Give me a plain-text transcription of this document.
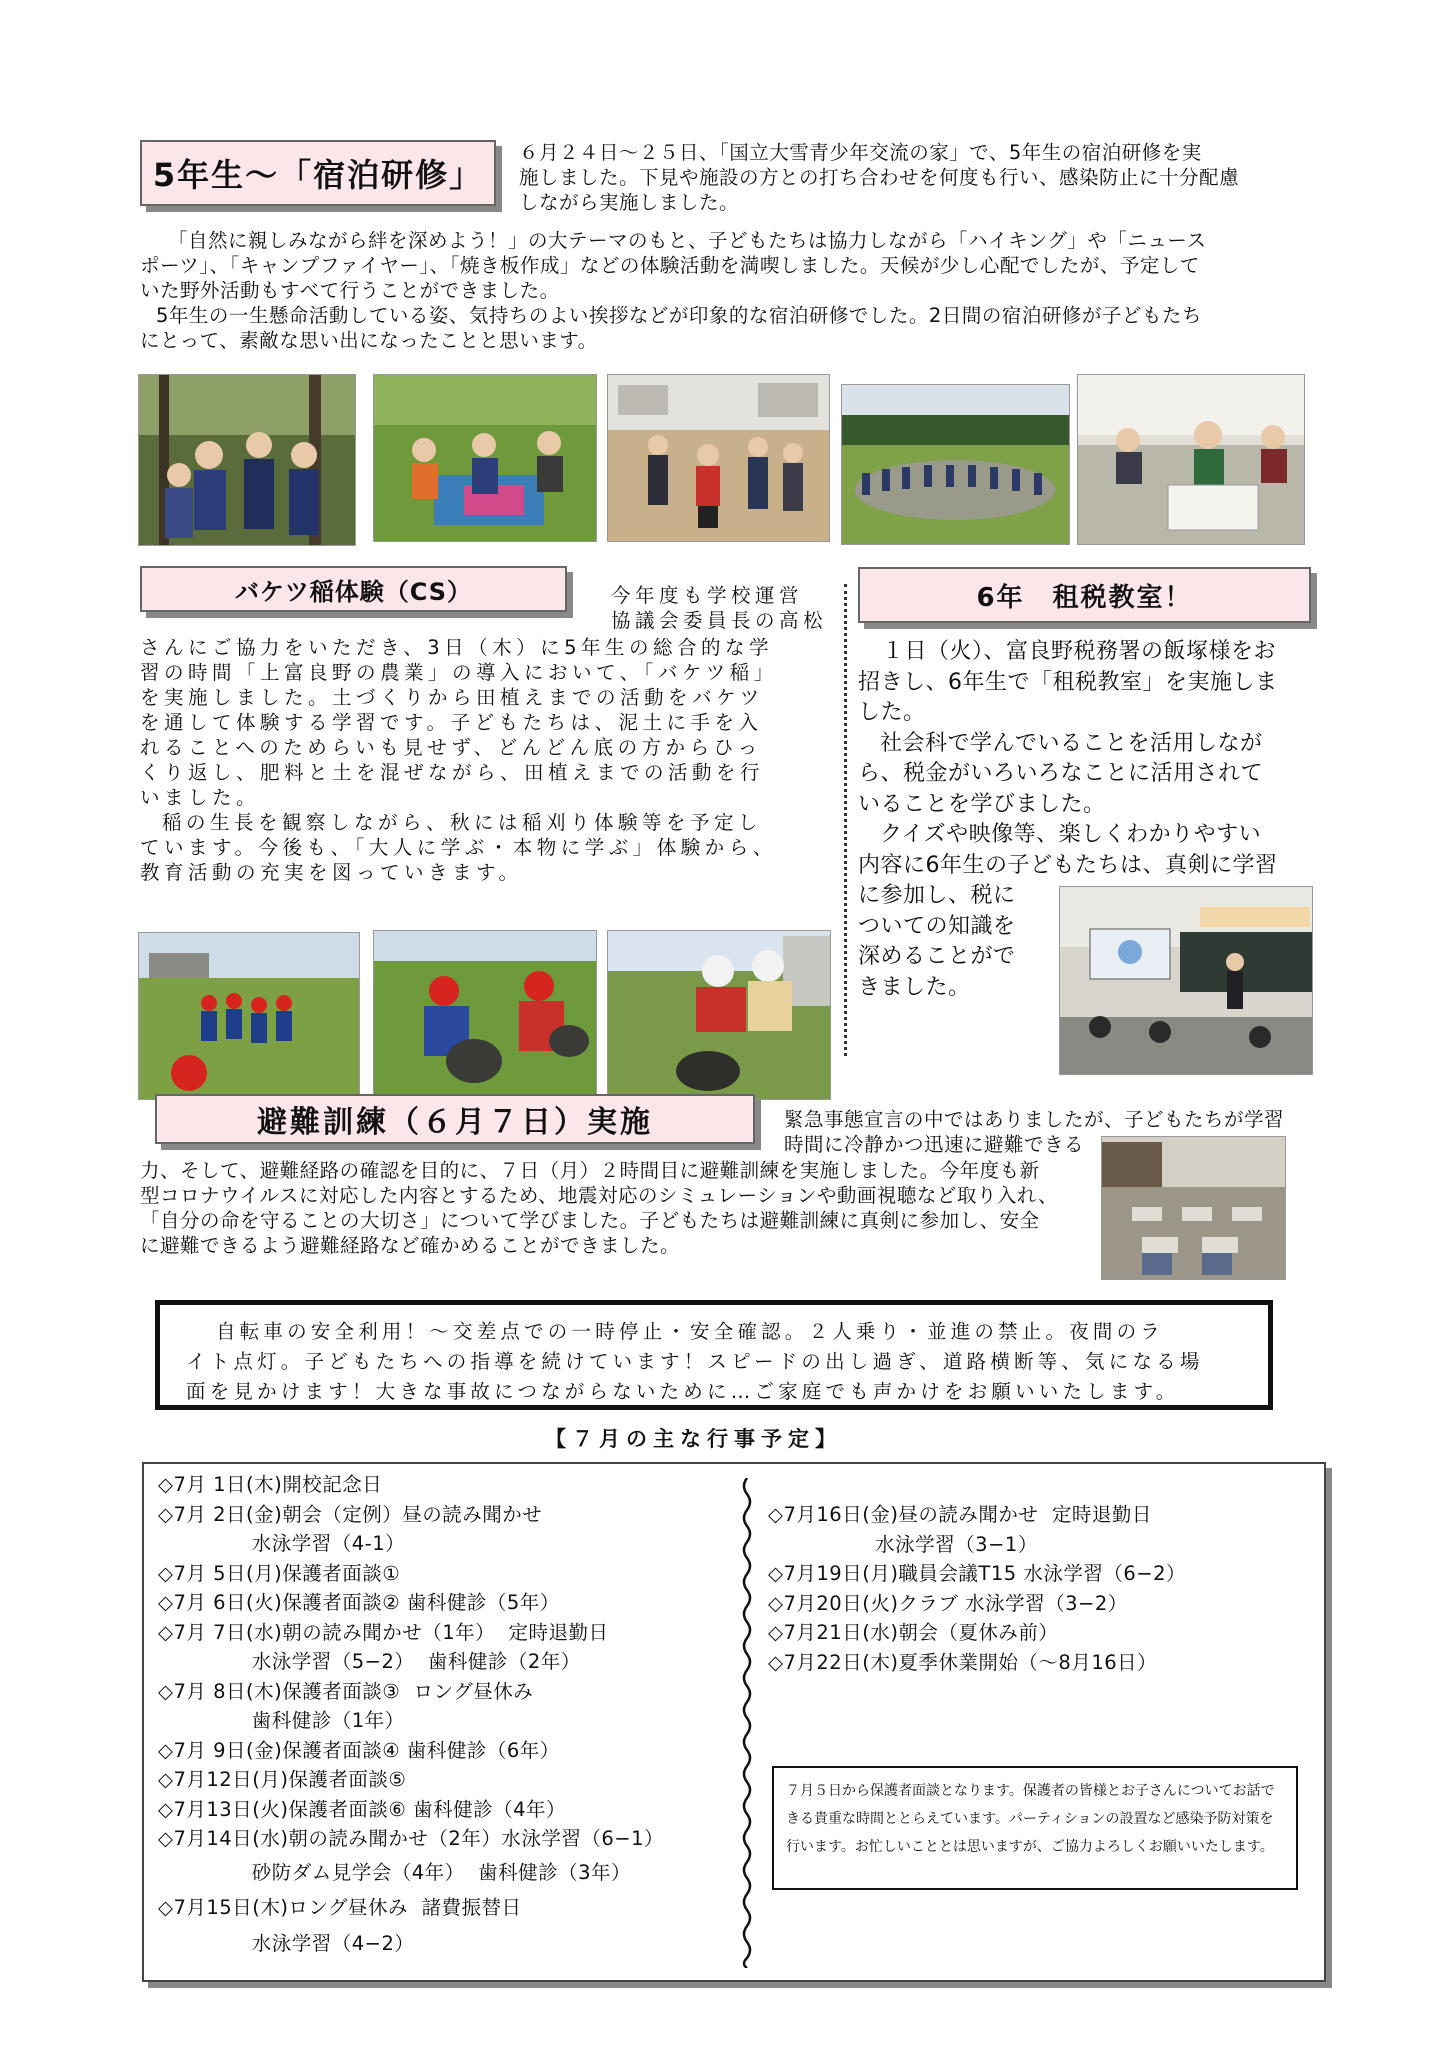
5年生～「宿泊研修」

６月２４日～２５日、「国立大雪青少年交流の家」で、5年生の宿泊研修を実

施しました。下見や施設の方との打ち合わせを何度も行い、感染防止に十分配慮

しながら実施しました。

「自然に親しみながら絆を深めよう！」の大テーマのもと、子どもたちは協力しながら「ハイキング」や「ニュース

ポーツ」、「キャンプファイヤー」、「焼き板作成」などの体験活動を満喫しました。天候が少し心配でしたが、予定して

いた野外活動もすべて行うことができました。

5年生の一生懸命活動している姿、気持ちのよい挨拶などが印象的な宿泊研修でした。2日間の宿泊研修が子どもたち

にとって、素敵な思い出になったことと思います。

バケツ稲体験（CS）	今年度も学校運営

協議会委員長の高松

さんにご協力をいただき、3日（木）に5年生の総合的な学

習の時間「上富良野の農業」の導入において、「バケツ稲」

を実施しました。土づくりから田植えまでの活動をバケツ

を通して体験する学習です。子どもたちは、泥土に手を入

れることへのためらいも見せず、どんどん底の方からひっ

くり返し、肥料と土を混ぜながら、田植えまでの活動を行

いました。

稲の生長を観察しながら、秋には稲刈り体験等を予定し

ています。今後も、「大人に学ぶ・本物に学ぶ」体験から、

教育活動の充実を図っていきます。

6年　租税教室！

１日（火）、富良野税務署の飯塚様をお

招きし、6年生で「租税教室」を実施しま

した。

社会科で学んでいることを活用しなが

ら、税金がいろいろなことに活用されて

いることを学びました。

クイズや映像等、楽しくわかりやすい

内容に6年生の子どもたちは、真剣に学習

に参加し、税に

ついての知識を

深めることがで

きました。

避難訓練（６月７日）実施	緊急事態宣言の中ではありましたが、子どもたちが学習

時間に冷静かつ迅速に避難できる

力、そして、避難経路の確認を目的に、７日（月）２時間目に避難訓練を実施しました。今年度も新

型コロナウイルスに対応した内容とするため、地震対応のシミュレーションや動画視聴など取り入れ、

「自分の命を守ることの大切さ」について学びました。子どもたちは避難訓練に真剣に参加し、安全

に避難できるよう避難経路など確かめることができました。

自転車の安全利用！～交差点での一時停止・安全確認。２人乗り・並進の禁止。夜間のラ
イト点灯。子どもたちへの指導を続けています！スピードの出し過ぎ、道路横断等、気になる場
面を見かけます！大きな事故につながらないために…ご家庭でも声かけをお願いいたします。
【７月の主な行事予定】
◇7月 1日(木)開校記念日
◇7月 2日(金)朝会（定例）昼の読み聞かせ
水泳学習（4-1）
◇7月 5日(月)保護者面談①
◇7月 6日(火)保護者面談② 歯科健診（5年）
◇7月 7日(水)朝の読み聞かせ（1年）  定時退勤日
水泳学習（5−2）  歯科健診（2年）
◇7月 8日(木)保護者面談③  ロング昼休み
歯科健診（1年）
◇7月 9日(金)保護者面談④ 歯科健診（6年）
◇7月12日(月)保護者面談⑤
◇7月13日(火)保護者面談⑥ 歯科健診（4年）
◇7月14日(水)朝の読み聞かせ（2年）水泳学習（6−1）
砂防ダム見学会（4年）  歯科健診（3年）
◇7月15日(木)ロング昼休み  諸費振替日
水泳学習（4−2）
◇7月16日(金)昼の読み聞かせ  定時退勤日
水泳学習（3−1）
◇7月19日(月)職員会議T15 水泳学習（6−2）
◇7月20日(火)クラブ 水泳学習（3−2）
◇7月21日(水)朝会（夏休み前）
◇7月22日(木)夏季休業開始（～8月16日）
７月５日から保護者面談となります。保護者の皆様とお子さんについてお話できる貴重な時間ととらえています。パーティションの設置など感染予防対策を行います。お忙しいこととは思いますが、ご協力よろしくお願いいたします。
